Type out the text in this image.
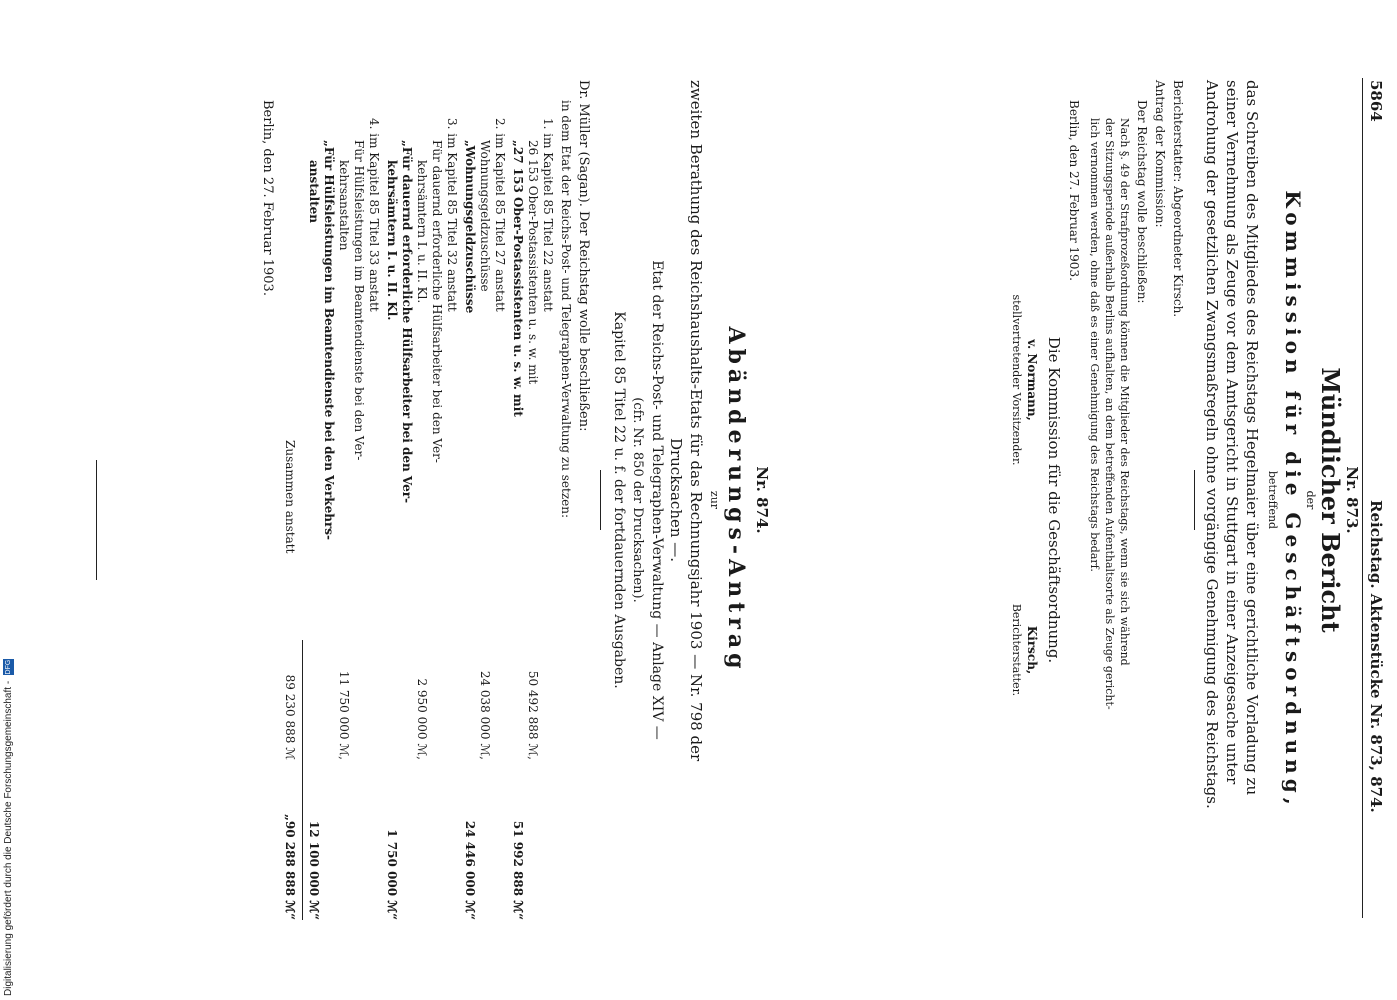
5864
Reichstag. Aktenstücke Nr. 873, 874.
Nr. 873.
Mündlicher Bericht
der
Kommission für die Geschäftsordnung,
betreffend
das Schreiben des Mitgliedes des Reichstags Hegelmaier über eine gerichtliche Vorladung zu
seiner Vernehmung als Zeuge vor dem Amtsgericht in Stuttgart in einer Anzeigesache unter
Androhung der gesetzlichen Zwangsmaßregeln ohne vorgängige Genehmigung des Reichstags.
Berichterstatter: Abgeordneter Kirsch.
Antrag der Kommission:
Der Reichstag wolle beschließen:
Nach §. 49 der Strafprozeßordnung können die Mitglieder des Reichstags, wenn sie sich während
der Sitzungsperiode außerhalb Berlins aufhalten, an dem betreffenden Aufenthaltsorte als Zeuge gericht-
lich vernommen werden, ohne daß es einer Genehmigung des Reichstags bedarf.
Berlin, den 27. Februar 1903.
Die Kommission für die Geschäftsordnung.
v. Normann,
stellvertretender Vorsitzender.
Kirsch,
Berichterstatter.
Nr. 874.
Abänderungs-Antrag
zur
zweiten Berathung des Reichshaushalts-Etats für das Rechnungsjahr 1903 — Nr. 798 der
Drucksachen —.
Etat der Reichs-Post- und Telegraphen-Verwaltung — Anlage XIV —
(cfr. Nr. 850 der Drucksachen).
Kapitel 85 Titel 22 u. f. der fortdauernden Ausgaben.
Dr. Müller (Sagan). Der Reichstag wolle beschließen:
in dem Etat der Reichs-Post- und Telegraphen-Verwaltung zu setzen:
1. im Kapitel 85 Titel 22 anstatt
26 153 Ober-Postassistenten u. s. w. mit
50 492 888 ℳ,
„27 153 Ober-Postassistenten u. s. w. mit
51 992 888 ℳ“
2. im Kapitel 85 Titel 27 anstatt
Wohnungsgeldzuschüsse
24 038 000 ℳ,
„Wohnungsgeldzuschüsse
24 446 000 ℳ“
3. im Kapitel 85 Titel 32 anstatt
Für dauernd erforderliche Hülfsarbeiter bei den Ver-
kehrsämtern I. u. II. Kl.
2 950 000 ℳ,
„Für dauernd erforderliche Hülfsarbeiter bei den Ver-
kehrsämtern I. u. II. Kl.
1 750 000 ℳ“
4. im Kapitel 85 Titel 33 anstatt
Für Hülfsleistungen im Beamtendienste bei den Ver-
kehrsanstalten
11 750 000 ℳ,
„Für Hülfsleistungen im Beamtendienste bei den Verkehrs-
anstalten
12 100 000 ℳ“
Zusammen anstatt
89 230 888 ℳ
„90 288 888 ℳ“
Berlin, den 27. Februar 1903.
Digitalisierung gefördert durch die Deutsche Forschungsgemeinschaft - DFG
